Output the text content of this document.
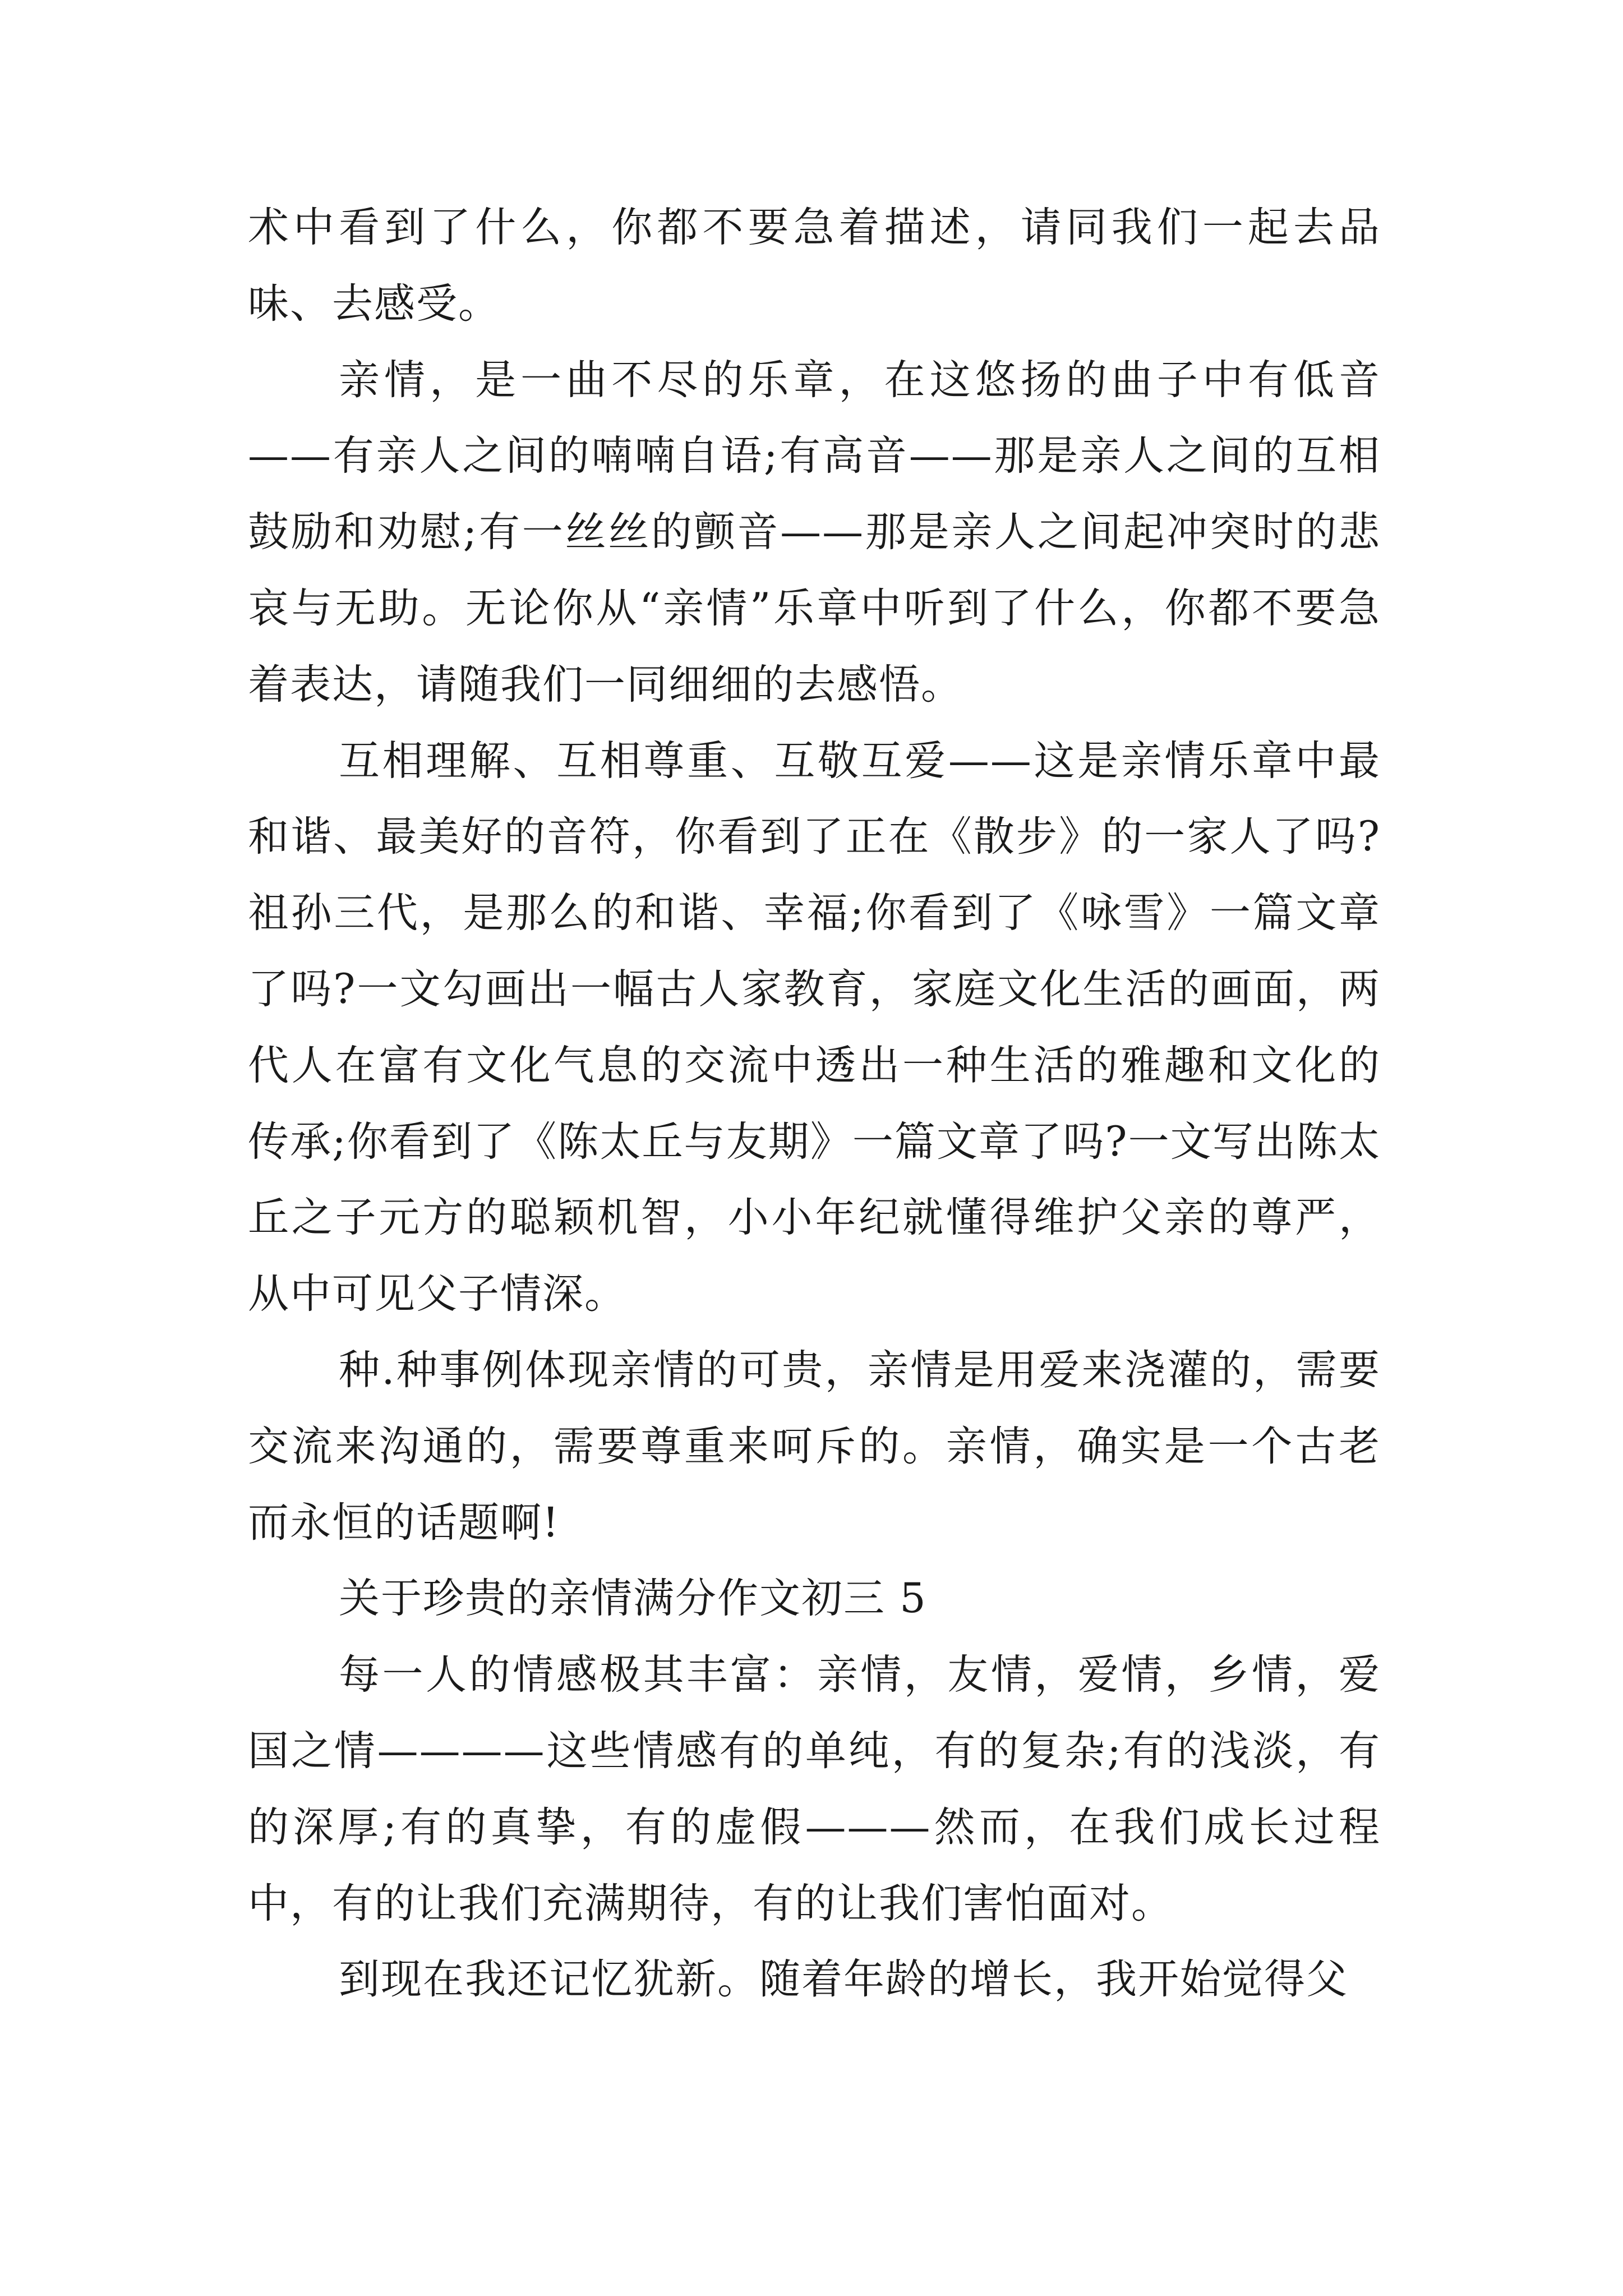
术中看到了什么，你都不要急着描述，请同我们一起去品味、去感受。

亲情，是一曲不尽的乐章，在这悠扬的曲子中有低音——有亲人之间的喃喃自语;有高音——那是亲人之间的互相鼓励和劝慰;有一丝丝的颤音——那是亲人之间起冲突时的悲哀与无助。无论你从“亲情”乐章中听到了什么，你都不要急着表达，请随我们一同细细的去感悟。

互相理解、互相尊重、互敬互爱——这是亲情乐章中最和谐、最美好的音符，你看到了正在《散步》的一家人了吗?祖孙三代，是那么的和谐、幸福;你看到了《咏雪》一篇文章了吗?一文勾画出一幅古人家教育，家庭文化生活的画面，两代人在富有文化气息的交流中透出一种生活的雅趣和文化的传承;你看到了《陈太丘与友期》一篇文章了吗?一文写出陈太丘之子元方的聪颖机智，小小年纪就懂得维护父亲的尊严，从中可见父子情深。

种.种事例体现亲情的可贵，亲情是用爱来浇灌的，需要交流来沟通的，需要尊重来呵斥的。亲情，确实是一个古老而永恒的话题啊!

关于珍贵的亲情满分作文初三 5

每一人的情感极其丰富：亲情，友情，爱情，乡情，爱国之情————这些情感有的单纯，有的复杂;有的浅淡，有的深厚;有的真挚，有的虚假———然而，在我们成长过程中，有的让我们充满期待，有的让我们害怕面对。

到现在我还记忆犹新。随着年龄的增长，我开始觉得父
